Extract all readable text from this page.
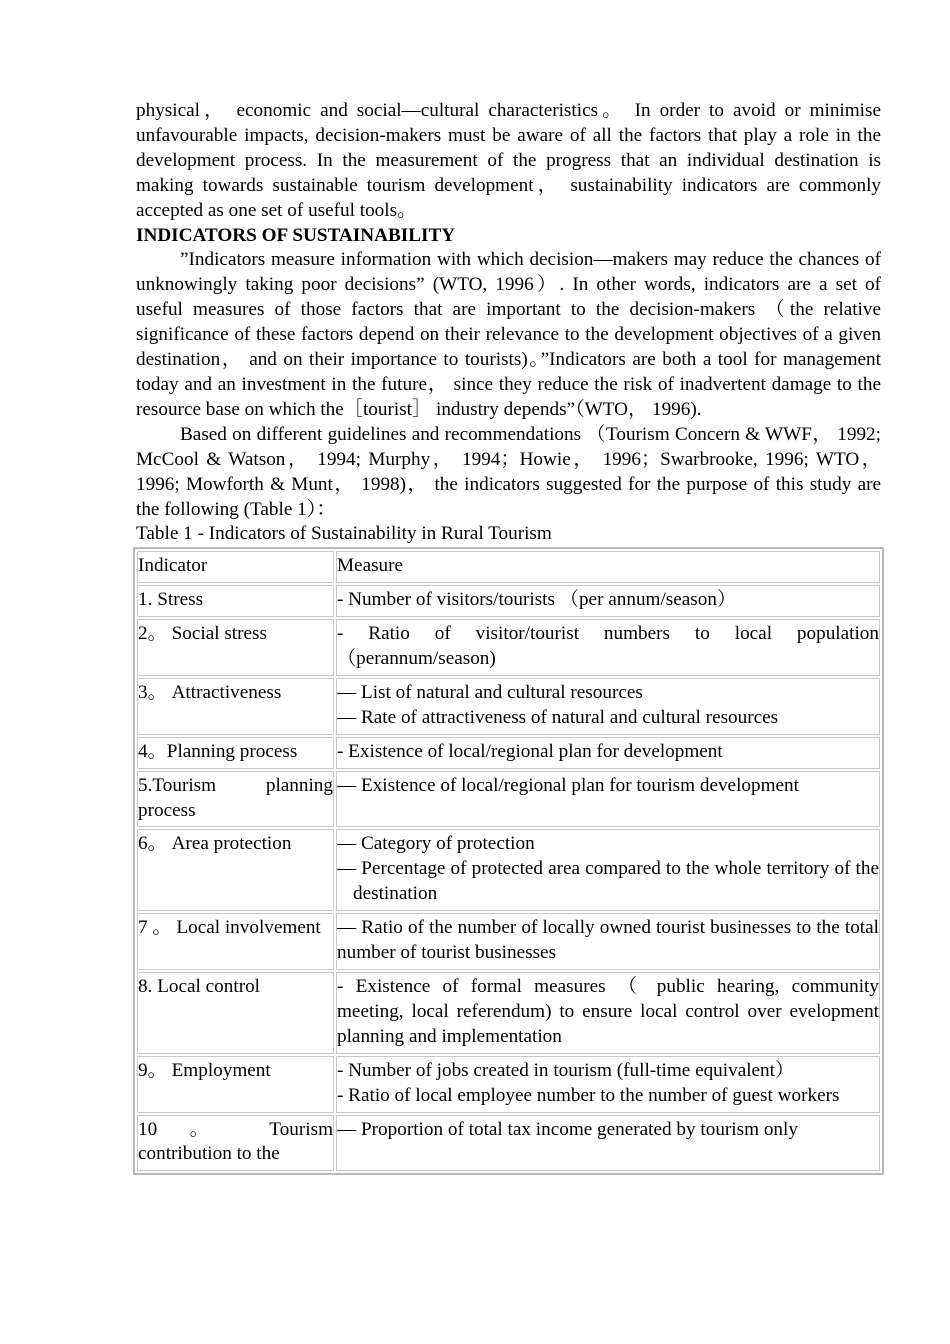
physical， economic and social—cultural characteristics。 In order to avoid or minimise unfavourable impacts, decision-makers must be aware of all the factors that play a role in the development process. In the measurement of the progress that an individual destination is making towards sustainable tourism development， sustainability indicators are commonly accepted as one set of useful tools。

INDICATORS OF SUSTAINABILITY

”Indicators measure information with which decision—makers may reduce the chances of unknowingly taking poor decisions” (WTO, 1996）. In other words, indicators are a set of useful measures of those factors that are important to the decision-makers （the relative significance of these factors depend on their relevance to the development objectives of a given destination， and on their importance to tourists)。”Indicators are both a tool for management today and an investment in the future， since they reduce the risk of inadvertent damage to the resource base on which the［tourist］ industry depends”（WTO， 1996).

Based on different guidelines and recommendations （Tourism Concern & WWF， 1992; McCool & Watson， 1994; Murphy， 1994；Howie， 1996；Swarbrooke, 1996; WTO， 1996; Mowforth & Munt， 1998)， the indicators suggested for the purpose of this study are the following (Table 1）：

Table 1 - Indicators of Sustainability in Rural Tourism

Indicator	Measure
1. Stress	- Number of visitors/tourists （per annum/season）

2。 Social stress	- Ratio of visitor/tourist numbers to local population （perannum/season)

3。 Attractiveness	— List of natural and cultural resources
— Rate of attractiveness of natural and cultural resources

4。Planning process	- Existence of local/regional plan for development

5.Tourism planning process	— Existence of local/regional plan for tourism development

6。 Area protection	— Category of protection
— Percentage of protected area compared to the whole territory of the destination

7 。 Local involvement	— Ratio of the number of locally owned tourist businesses to the total number of tourist businesses

8. Local control	- Existence of formal measures （ public hearing, community meeting, local referendum) to ensure local control over evelopment planning and implementation

9。 Employment	- Number of jobs created in tourism (full-time equivalent）
- Ratio of local employee number to the number of guest workers

10 。 Tourism contribution to the	— Proportion of total tax income generated by tourism only
